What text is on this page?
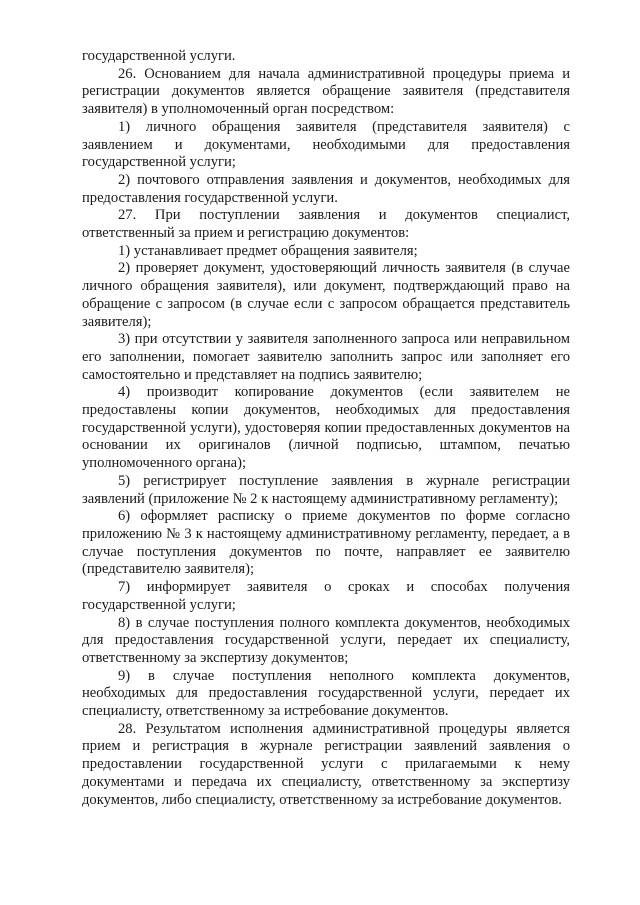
государственной услуги.

26. Основанием для начала административной процедуры приема и регистрации документов является обращение заявителя (представителя заявителя) в уполномоченный орган посредством:

1) личного обращения заявителя (представителя заявителя) с заявлением и документами, необходимыми для предоставления государственной услуги;

2) почтового отправления заявления и документов, необходимых для предоставления государственной услуги.

27. При поступлении заявления и документов специалист, ответственный за прием и регистрацию документов:

1) устанавливает предмет обращения заявителя;

2) проверяет документ, удостоверяющий личность заявителя (в случае личного обращения заявителя), или документ, подтверждающий право на обращение с запросом (в случае если с запросом обращается представитель заявителя);

3) при отсутствии у заявителя заполненного запроса или неправильном его заполнении, помогает заявителю заполнить запрос или заполняет его самостоятельно и представляет на подпись заявителю;

4) производит копирование документов (если заявителем не предоставлены копии документов, необходимых для предоставления государственной услуги), удостоверяя копии предоставленных документов на основании их оригиналов (личной подписью, штампом, печатью уполномоченного органа);

5) регистрирует поступление заявления в журнале регистрации заявлений (приложение № 2 к настоящему административному регламенту);

6) оформляет расписку о приеме документов по форме согласно приложению № 3 к настоящему административному регламенту, передает, а в случае поступления документов по почте, направляет ее заявителю (представителю заявителя);

7) информирует заявителя о сроках и способах получения государственной услуги;

8) в случае поступления полного комплекта документов, необходимых для предоставления государственной услуги, передает их специалисту, ответственному за экспертизу документов;

9) в случае поступления неполного комплекта документов, необходимых для предоставления государственной услуги, передает их специалисту, ответственному за истребование документов.

28. Результатом исполнения административной процедуры является прием и регистрация в журнале регистрации заявлений заявления о предоставлении государственной услуги с прилагаемыми к нему документами и передача их специалисту, ответственному за экспертизу документов, либо специалисту, ответственному за истребование документов.
